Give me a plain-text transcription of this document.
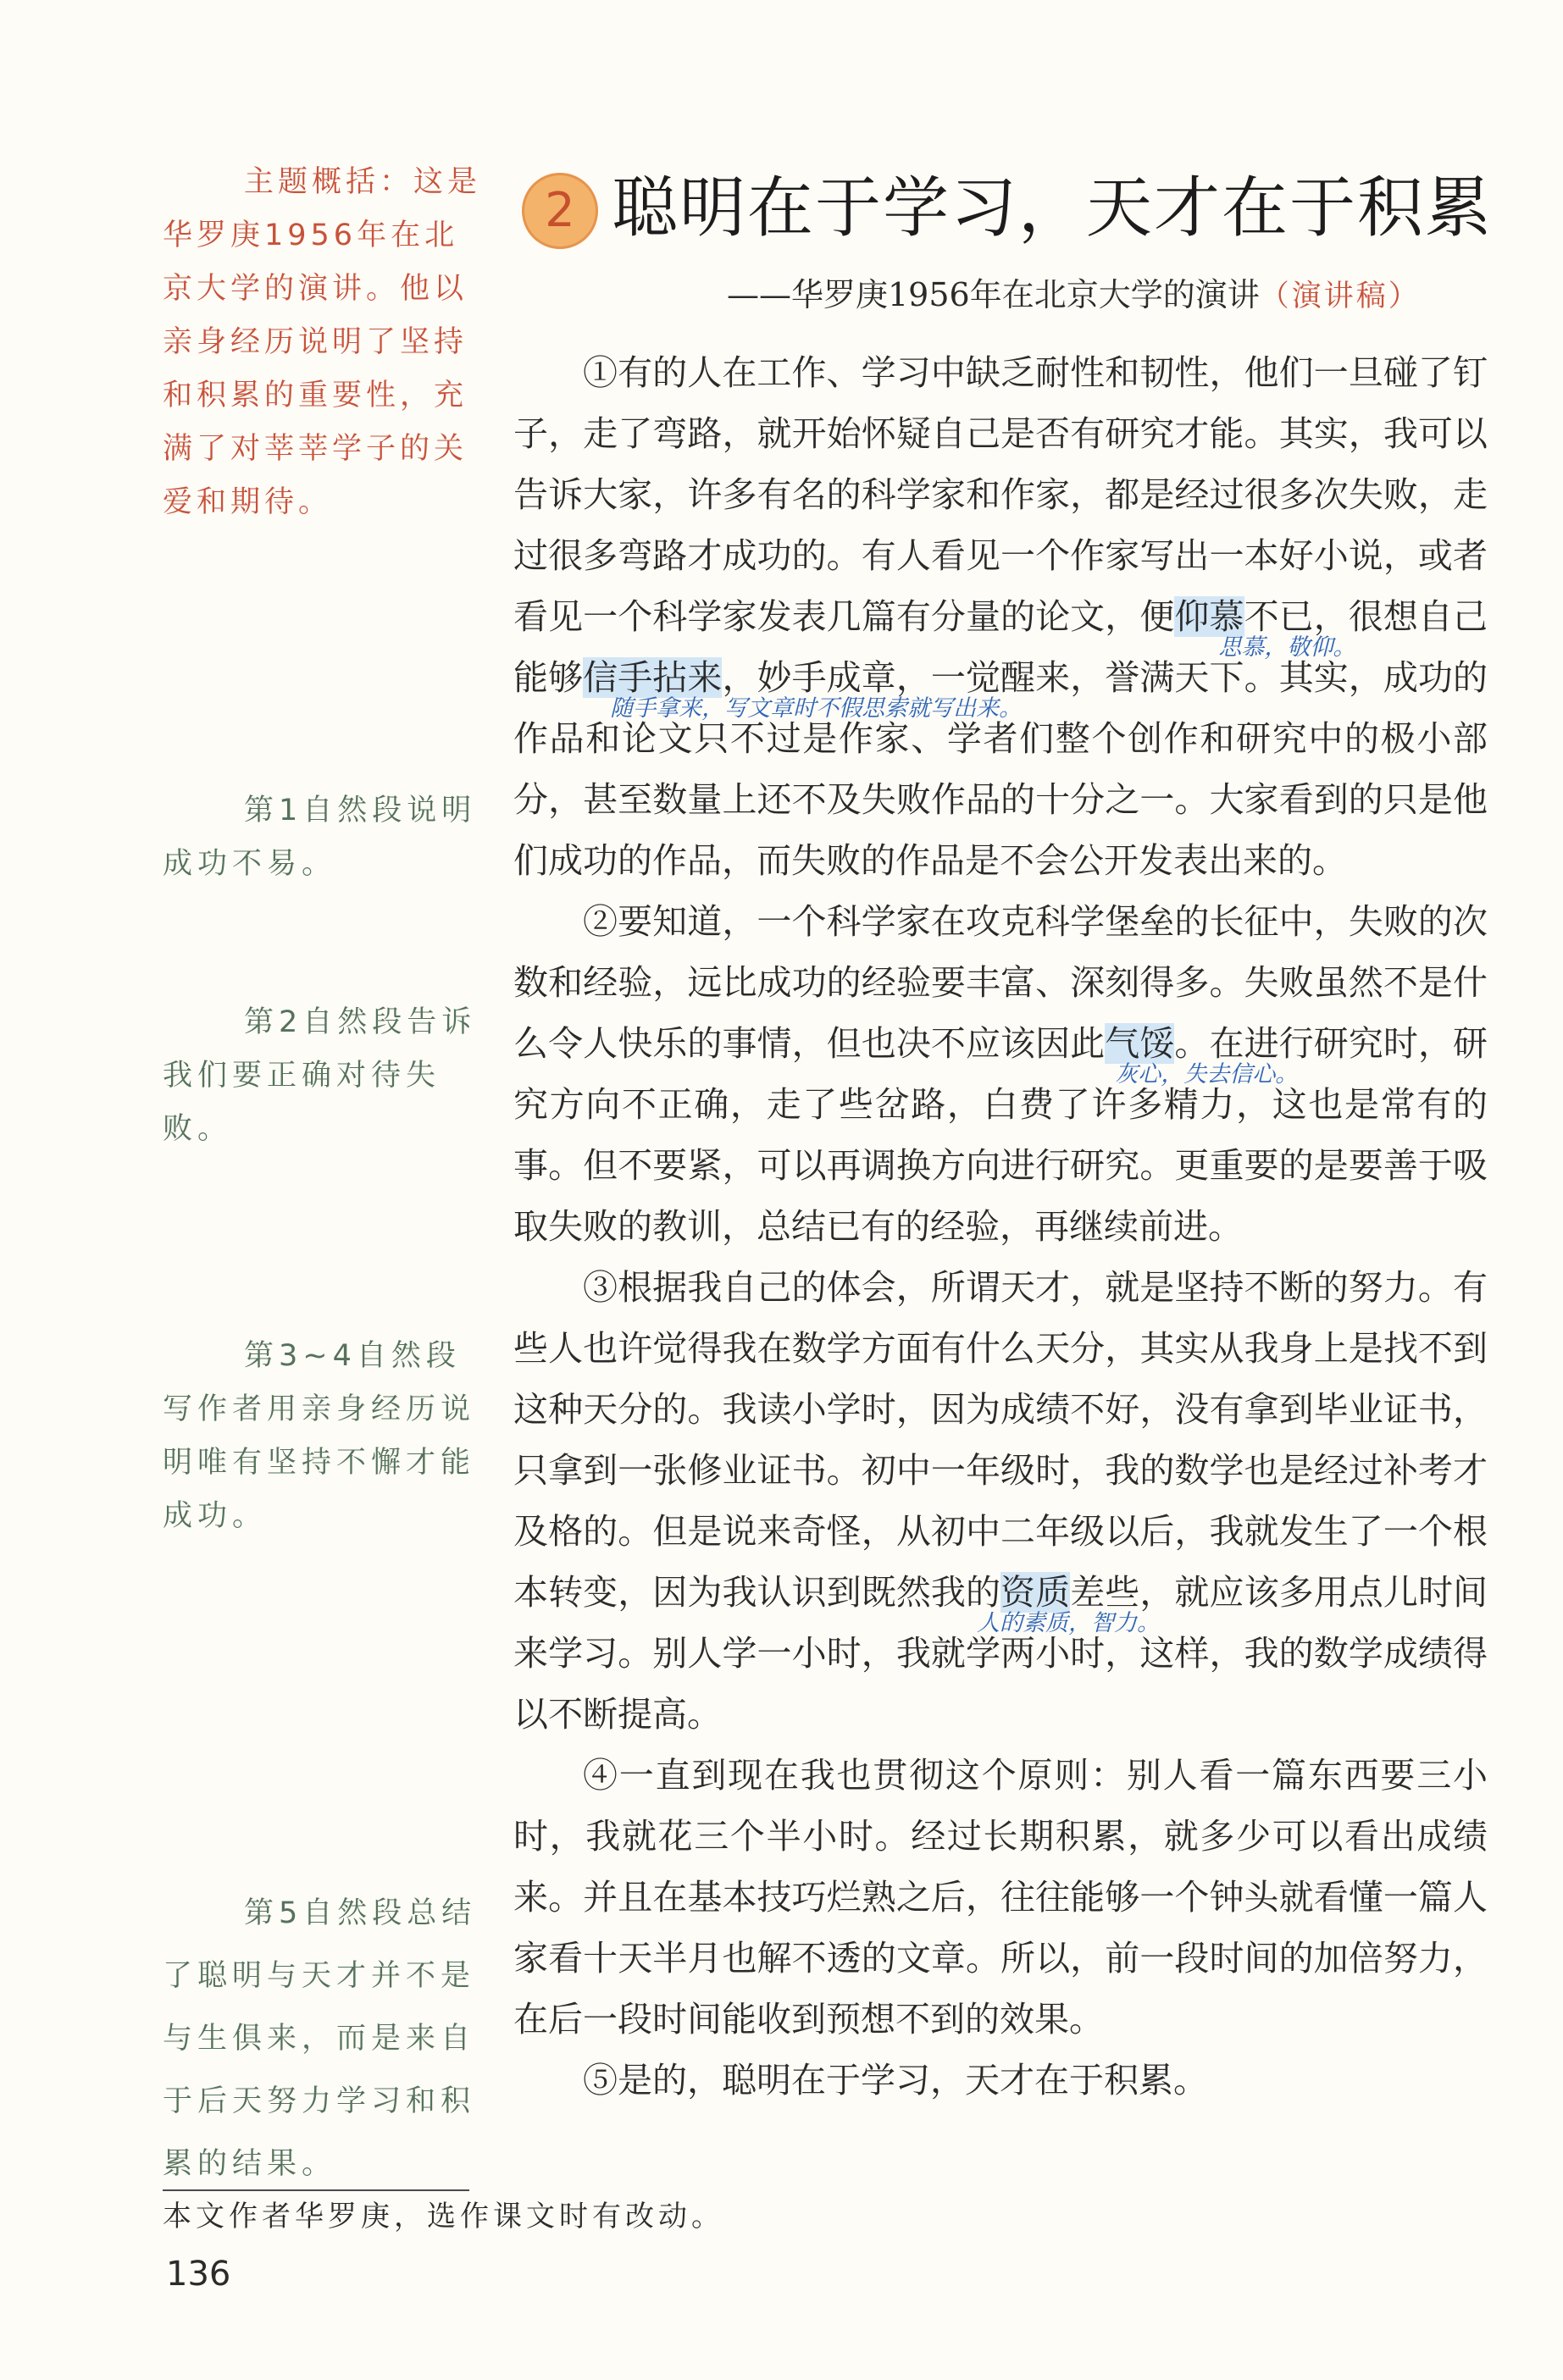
主题概括：这是华罗庚1956年在北京大学的演讲。他以亲身经历说明了坚持和积累的重要性，充满了对莘莘学子的关爱和期待。
第1自然段说明成功不易。
第2自然段告诉我们要正确对待失败。
第3~4自然段写作者用亲身经历说明唯有坚持不懈才能成功。
第5自然段总结了聪明与天才并不是与生俱来，而是来自于后天努力学习和积累的结果。
2 聪明在于学习，天才在于积累
——华罗庚1956年在北京大学的演讲（演讲稿）

①有的人在工作、学习中缺乏耐性和韧性，他们一旦碰了钉子，走了弯路，就开始怀疑自己是否有研究才能。其实，我可以告诉大家，许多有名的科学家和作家，都是经过很多次失败，走过很多弯路才成功的。有人看见一个作家写出一本好小说，或者看见一个科学家发表几篇有分量的论文，便仰慕
思慕，敬仰。
不已，很想自己能够信手拈来
随手拿来，写文章时不假思索就写出来。
，妙手成章，一觉醒来，誉满天下。其实，成功的作品和论文只不过是作家、学者们整个创作和研究中的极小部分，甚至数量上还不及失败作品的十分之一。大家看到的只是他们成功的作品，而失败的作品是不会公开发表出来的。

②要知道，一个科学家在攻克科学堡垒的长征中，失败的次数和经验，远比成功的经验要丰富、深刻得多。失败虽然不是什么令人快乐的事情，但也决不应该因此气馁
灰心，失去信心。
。在进行研究时，研究方向不正确，走了些岔路，白费了许多精力，这也是常有的事。但不要紧，可以再调换方向进行研究。更重要的是要善于吸取失败的教训，总结已有的经验，再继续前进。

③根据我自己的体会，所谓天才，就是坚持不断的努力。有些人也许觉得我在数学方面有什么天分，其实从我身上是找不到这种天分的。我读小学时，因为成绩不好，没有拿到毕业证书，只拿到一张修业证书。初中一年级时，我的数学也是经过补考才及格的。但是说来奇怪，从初中二年级以后，我就发生了一个根本转变，因为我认识到既然我的资质
人的素质，智力。
差些，就应该多用点儿时间来学习。别人学一小时，我就学两小时，这样，我的数学成绩得以不断提高。

④一直到现在我也贯彻这个原则：别人看一篇东西要三小时，我就花三个半小时。经过长期积累，就多少可以看出成绩来。并且在基本技巧烂熟之后，往往能够一个钟头就看懂一篇人家看十天半月也解不透的文章。所以，前一段时间的加倍努力，在后一段时间能收到预想不到的效果。

⑤是的，聪明在于学习，天才在于积累。

本文作者华罗庚，选作课文时有改动。
136
